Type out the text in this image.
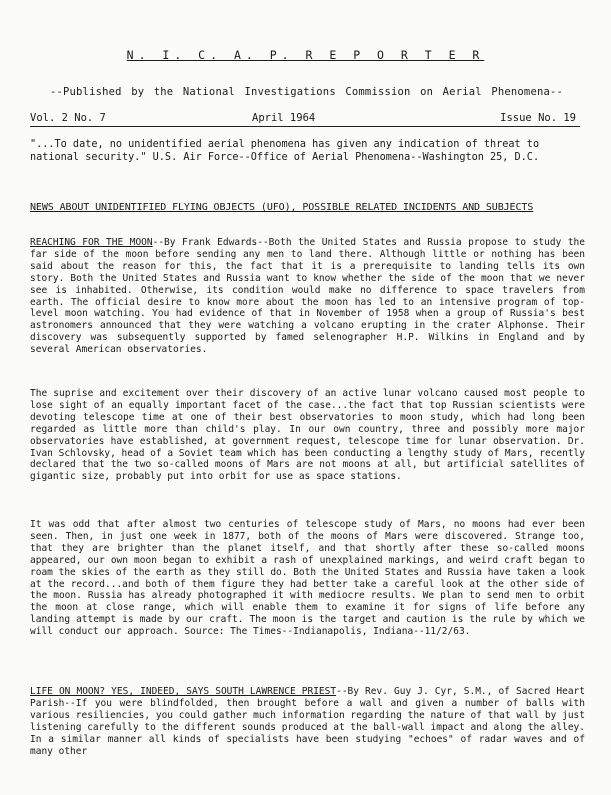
N. I. C. A. P. R E P O R T E R
--Published by the National Investigations Commission on Aerial Phenomena--
Vol. 2 No. 7	April 1964	Issue No. 19
"...To date, no unidentified aerial phenomena has given any indication of threat to national security." U.S. Air Force--Office of Aerial Phenomena--Washington 25, D.C.
NEWS ABOUT UNIDENTIFIED FLYING OBJECTS (UFO), POSSIBLE RELATED INCIDENTS AND SUBJECTS
REACHING FOR THE MOON--By Frank Edwards--Both the United States and Russia propose to study the far side of the moon before sending any men to land there. Although little or nothing has been said about the reason for this, the fact that it is a prerequisite to landing tells its own story. Both the United States and Russia want to know whether the side of the moon that we never see is inhabited. Otherwise, its condition would make no difference to space travelers from earth. The official desire to know more about the moon has led to an intensive program of top-level moon watching. You had evidence of that in November of 1958 when a group of Russia's best astronomers announced that they were watching a volcano erupting in the crater Alphonse. Their discovery was subsequently supported by famed selenographer H.P. Wilkins in England and by several American observatories.
The suprise and excitement over their discovery of an active lunar volcano caused most people to lose sight of an equally important facet of the case...the fact that top Russian scientists were devoting telescope time at one of their best observatories to moon study, which had long been regarded as little more than child's play. In our own country, three and possibly more major observatories have established, at government request, telescope time for lunar observation. Dr. Ivan Schlovsky, head of a Soviet team which has been conducting a lengthy study of Mars, recently declared that the two so-called moons of Mars are not moons at all, but artificial satellites of gigantic size, probably put into orbit for use as space stations.
It was odd that after almost two centuries of telescope study of Mars, no moons had ever been seen. Then, in just one week in 1877, both of the moons of Mars were discovered. Strange too, that they are brighter than the planet itself, and that shortly after these so-called moons appeared, our own moon began to exhibit a rash of unexplained markings, and weird craft began to roam the skies of the earth as they still do. Both the United States and Russia have taken a look at the record...and both of them figure they had better take a careful look at the other side of the moon. Russia has already photographed it with mediocre results. We plan to send men to orbit the moon at close range, which will enable them to examine it for signs of life before any landing attempt is made by our craft. The moon is the target and caution is the rule by which we will conduct our approach. Source: The Times--Indianapolis, Indiana--11/2/63.
LIFE ON MOON? YES, INDEED, SAYS SOUTH LAWRENCE PRIEST--By Rev. Guy J. Cyr, S.M., of Sacred Heart Parish--If you were blindfolded, then brought before a wall and given a number of balls with various resiliencies, you could gather much information regarding the nature of that wall by just listening carefully to the different sounds produced at the ball-wall impact and along the alley. In a similar manner all kinds of specialists have been studying "echoes" of radar waves and of many other
